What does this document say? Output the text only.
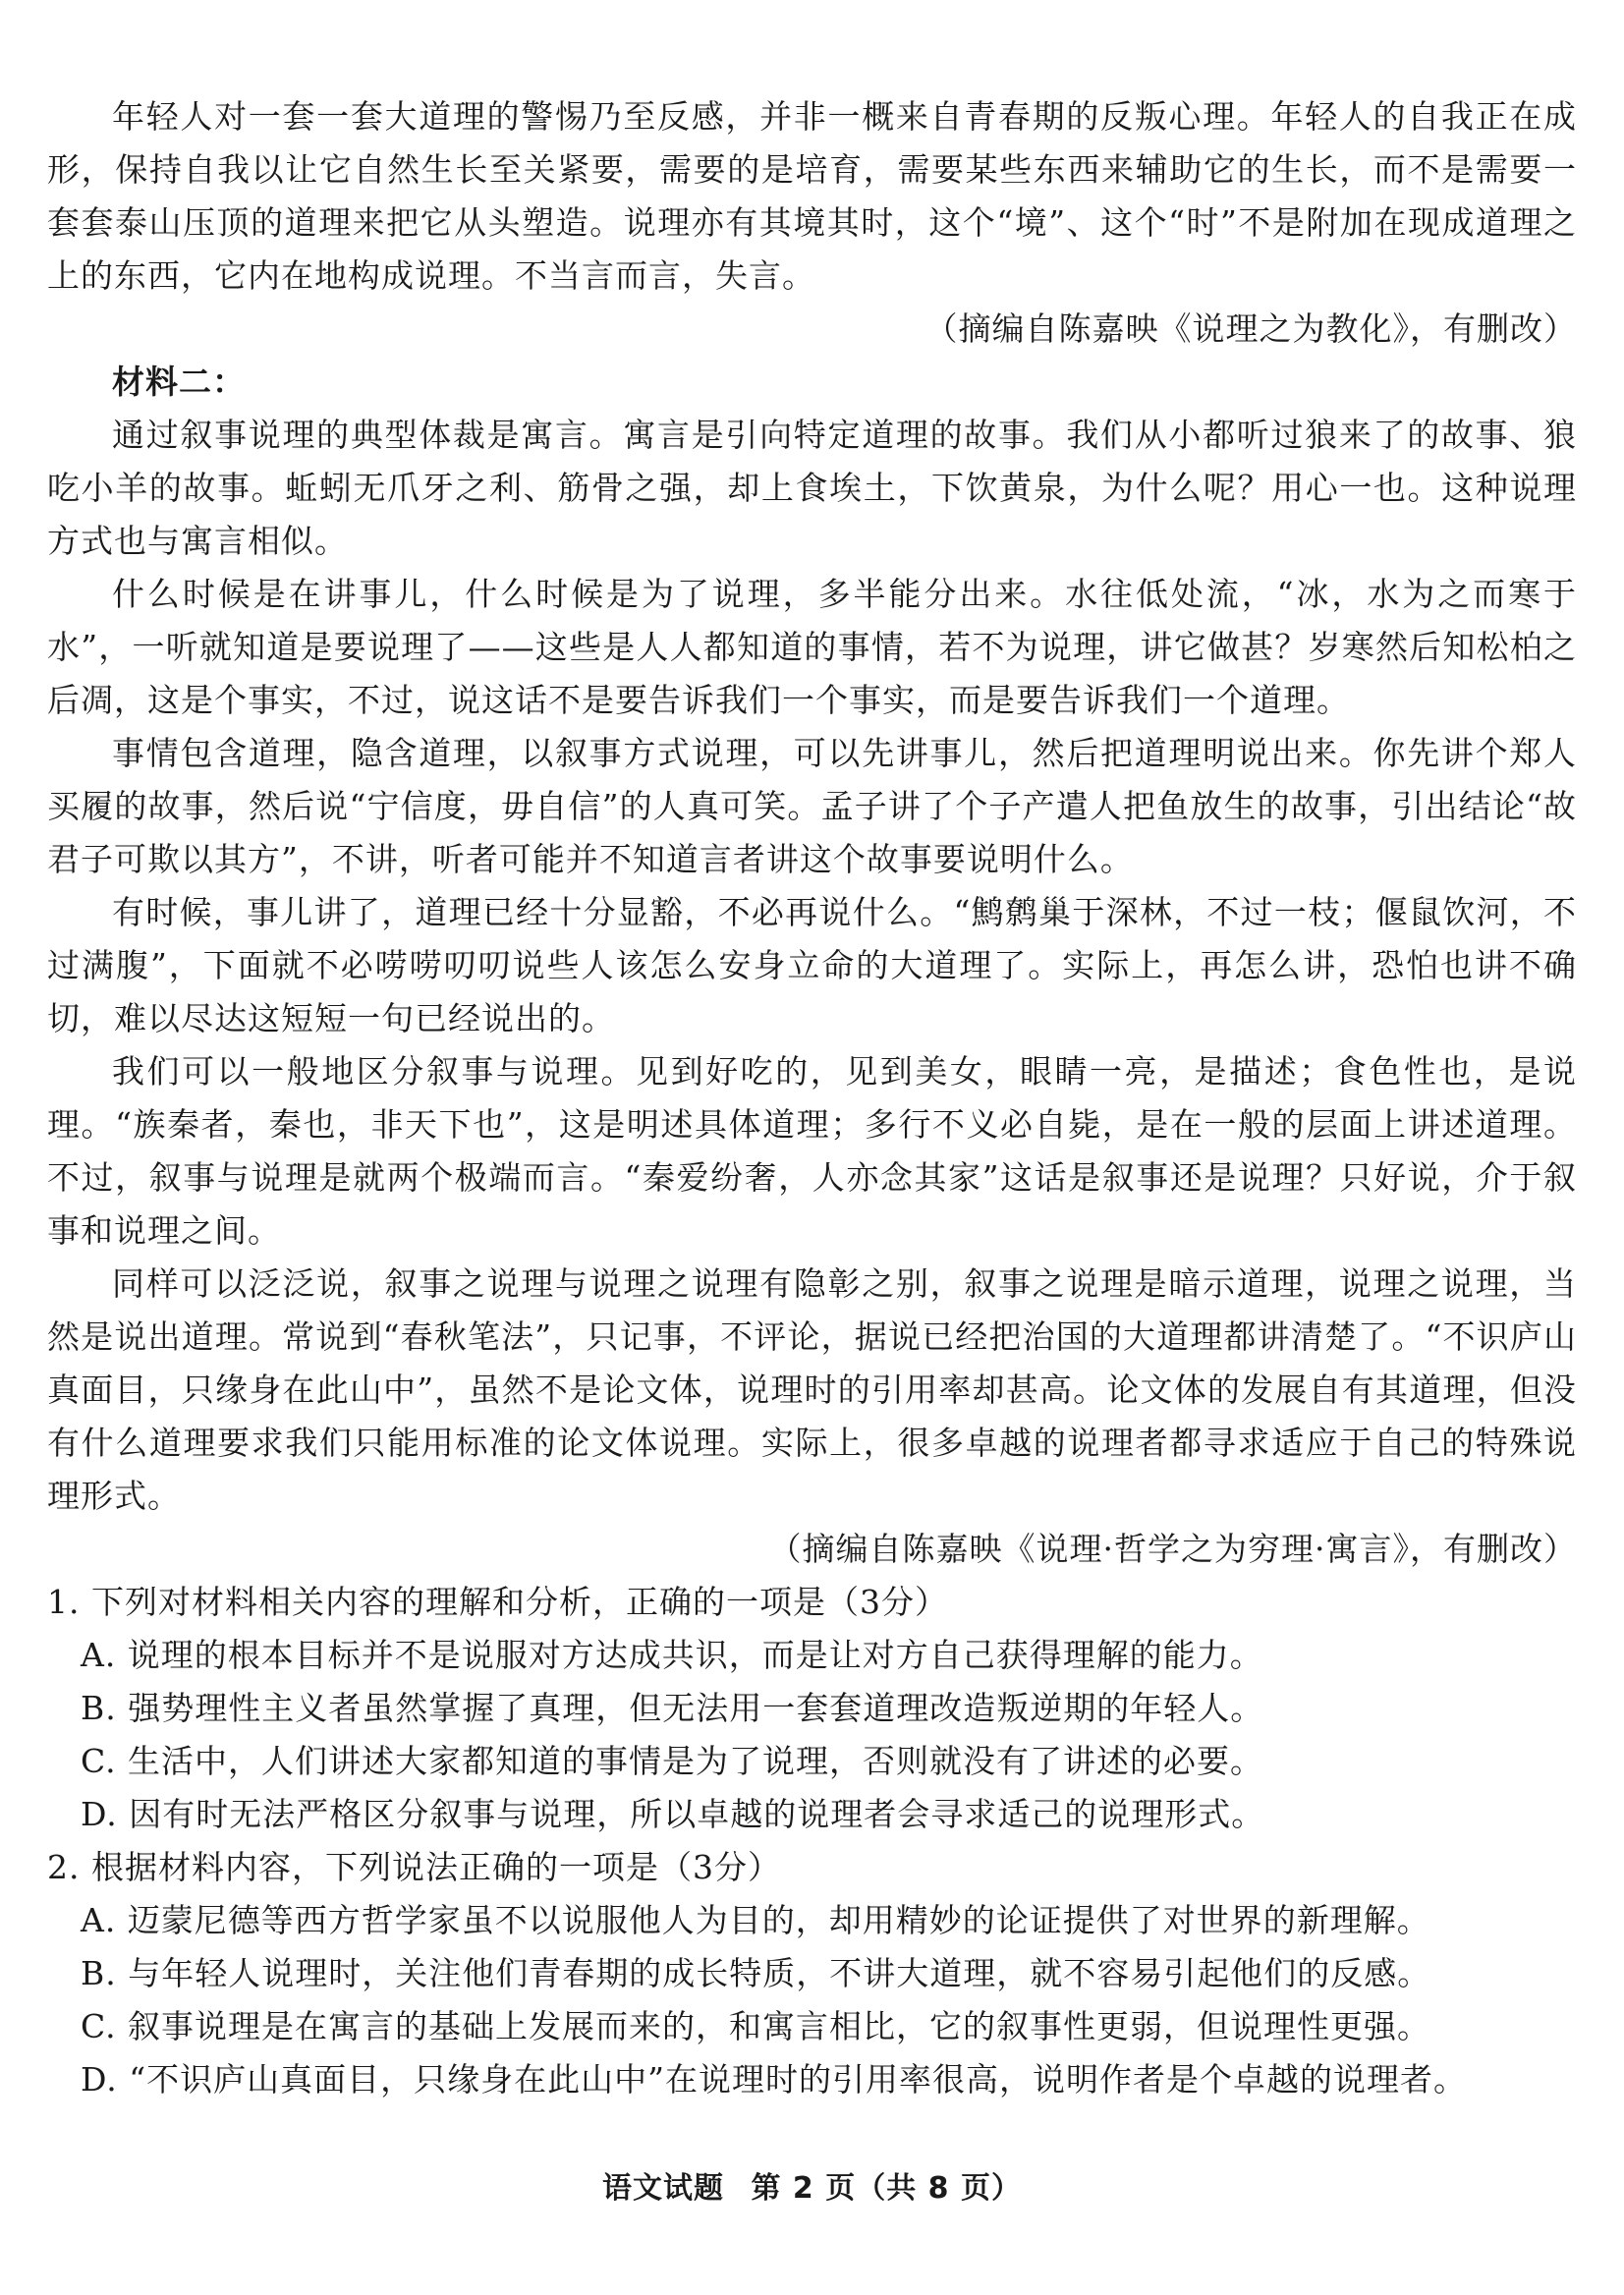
年轻人对一套一套大道理的警惕乃至反感，并非一概来自青春期的反叛心理。年轻人的自我正在成形，保持自我以让它自然生长至关紧要，需要的是培育，需要某些东西来辅助它的生长，而不是需要一套套泰山压顶的道理来把它从头塑造。说理亦有其境其时，这个“境”、这个“时”不是附加在现成道理之上的东西，它内在地构成说理。不当言而言，失言。

（摘编自陈嘉映《说理之为教化》，有删改）

材料二：

通过叙事说理的典型体裁是寓言。寓言是引向特定道理的故事。我们从小都听过狼来了的故事、狼吃小羊的故事。蚯蚓无爪牙之利、筋骨之强，却上食埃土，下饮黄泉，为什么呢？用心一也。这种说理方式也与寓言相似。

什么时候是在讲事儿，什么时候是为了说理，多半能分出来。水往低处流，“冰，水为之而寒于水”，一听就知道是要说理了——这些是人人都知道的事情，若不为说理，讲它做甚？岁寒然后知松柏之后凋，这是个事实，不过，说这话不是要告诉我们一个事实，而是要告诉我们一个道理。

事情包含道理，隐含道理，以叙事方式说理，可以先讲事儿，然后把道理明说出来。你先讲个郑人买履的故事，然后说“宁信度，毋自信”的人真可笑。孟子讲了个子产遣人把鱼放生的故事，引出结论“故君子可欺以其方”，不讲，听者可能并不知道言者讲这个故事要说明什么。

有时候，事儿讲了，道理已经十分显豁，不必再说什么。“鹪鹩巢于深林，不过一枝；偃鼠饮河，不过满腹”，下面就不必唠唠叨叨说些人该怎么安身立命的大道理了。实际上，再怎么讲，恐怕也讲不确切，难以尽达这短短一句已经说出的。

我们可以一般地区分叙事与说理。见到好吃的，见到美女，眼睛一亮，是描述；食色性也，是说理。“族秦者，秦也，非天下也”，这是明述具体道理；多行不义必自毙，是在一般的层面上讲述道理。不过，叙事与说理是就两个极端而言。“秦爱纷奢，人亦念其家”这话是叙事还是说理？只好说，介于叙事和说理之间。

同样可以泛泛说，叙事之说理与说理之说理有隐彰之别，叙事之说理是暗示道理，说理之说理，当然是说出道理。常说到“春秋笔法”，只记事，不评论，据说已经把治国的大道理都讲清楚了。“不识庐山真面目，只缘身在此山中”，虽然不是论文体，说理时的引用率却甚高。论文体的发展自有其道理，但没有什么道理要求我们只能用标准的论文体说理。实际上，很多卓越的说理者都寻求适应于自己的特殊说理形式。

（摘编自陈嘉映《说理·哲学之为穷理·寓言》，有删改）

1. 下列对材料相关内容的理解和分析，正确的一项是（3分）

A. 说理的根本目标并不是说服对方达成共识，而是让对方自己获得理解的能力。

B. 强势理性主义者虽然掌握了真理，但无法用一套套道理改造叛逆期的年轻人。

C. 生活中，人们讲述大家都知道的事情是为了说理，否则就没有了讲述的必要。

D. 因有时无法严格区分叙事与说理，所以卓越的说理者会寻求适己的说理形式。

2. 根据材料内容，下列说法正确的一项是（3分）

A. 迈蒙尼德等西方哲学家虽不以说服他人为目的，却用精妙的论证提供了对世界的新理解。

B. 与年轻人说理时，关注他们青春期的成长特质，不讲大道理，就不容易引起他们的反感。

C. 叙事说理是在寓言的基础上发展而来的，和寓言相比，它的叙事性更弱，但说理性更强。

D. “不识庐山真面目，只缘身在此山中”在说理时的引用率很高，说明作者是个卓越的说理者。

语文试题 第 2 页（共 8 页）
